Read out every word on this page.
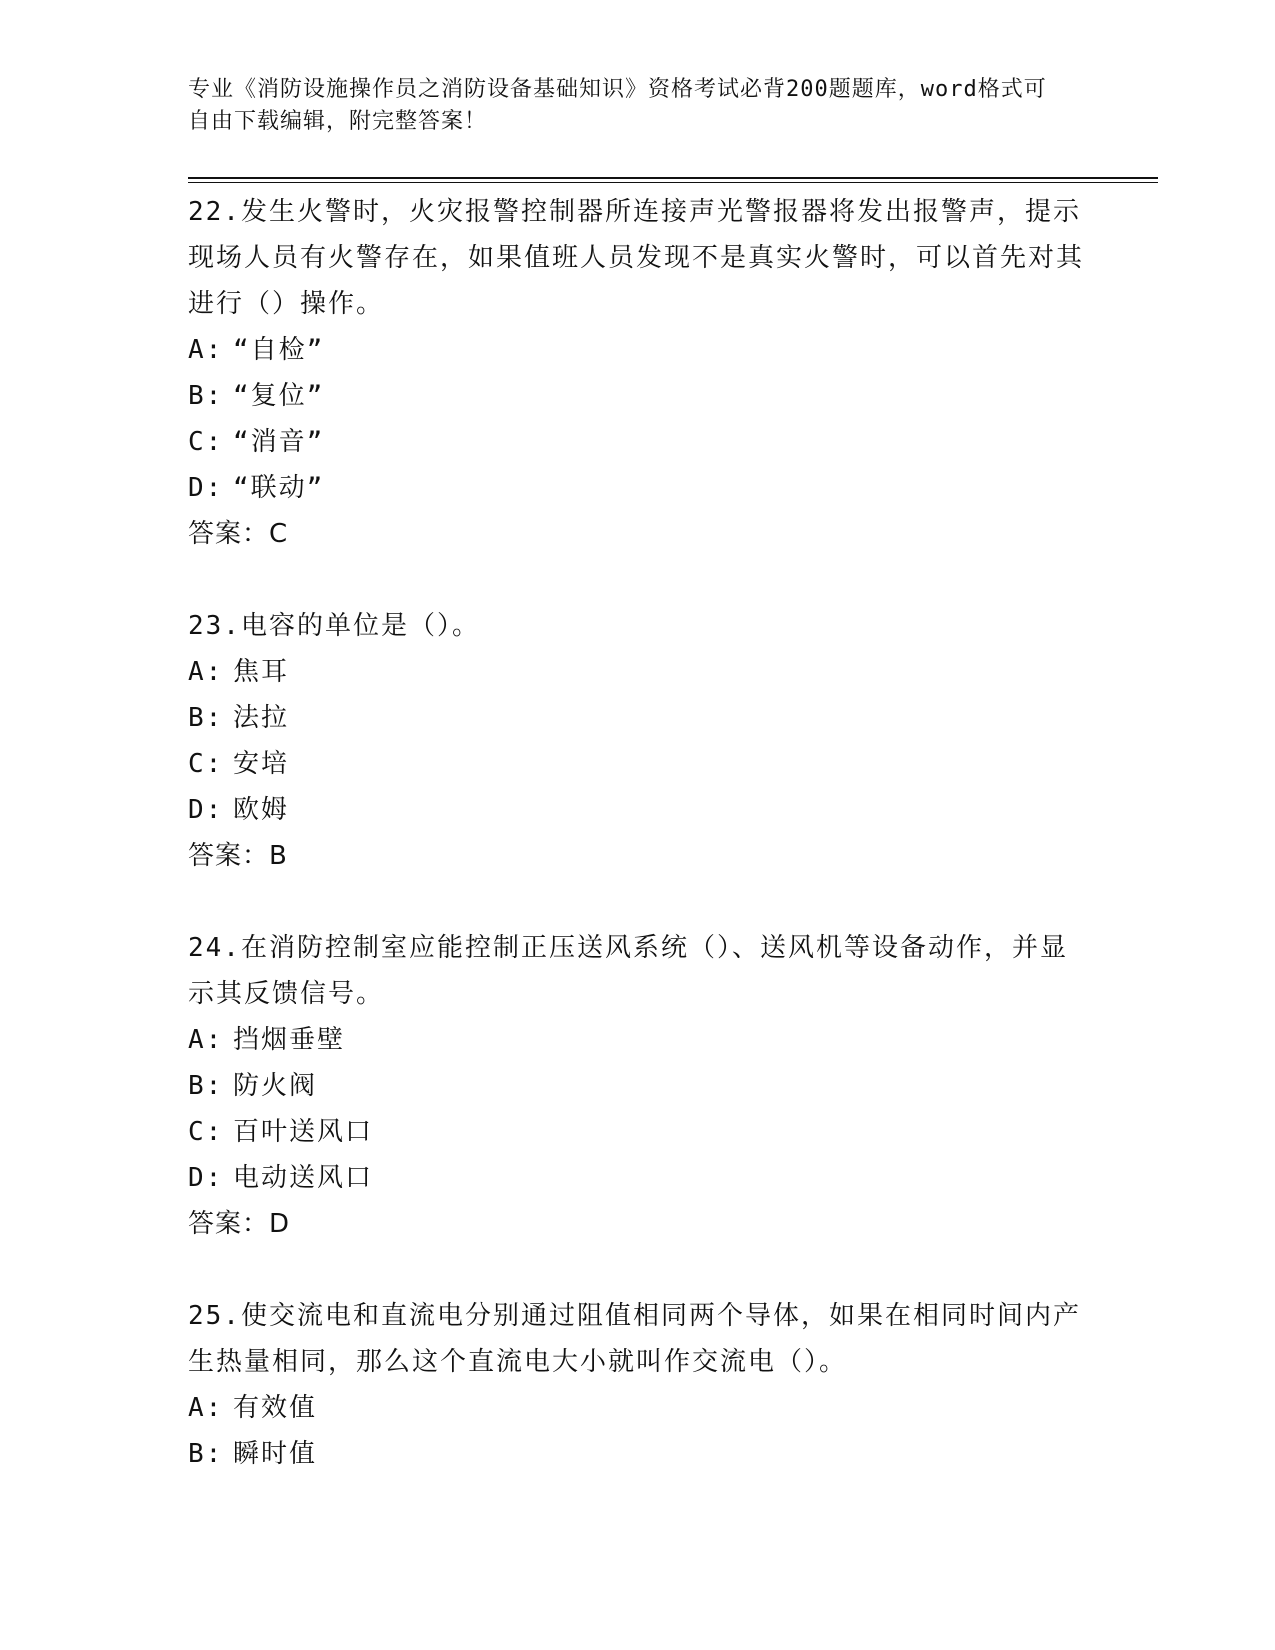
专业《消防设施操作员之消防设备基础知识》资格考试必背200题题库，word格式可自由下载编辑，附完整答案！
22.发生火警时，火灾报警控制器所连接声光警报器将发出报警声，提示现场人员有火警存在，如果值班人员发现不是真实火警时，可以首先对其进行（）操作。
A: “自检”
B: “复位”
C: “消音”
D: “联动”
答案：C
23.电容的单位是（）。
A: 焦耳
B: 法拉
C: 安培
D: 欧姆
答案：B
24.在消防控制室应能控制正压送风系统（）、送风机等设备动作，并显示其反馈信号。
A: 挡烟垂壁
B: 防火阀
C: 百叶送风口
D: 电动送风口
答案：D
25.使交流电和直流电分别通过阻值相同两个导体，如果在相同时间内产生热量相同，那么这个直流电大小就叫作交流电（）。
A: 有效值
B: 瞬时值
